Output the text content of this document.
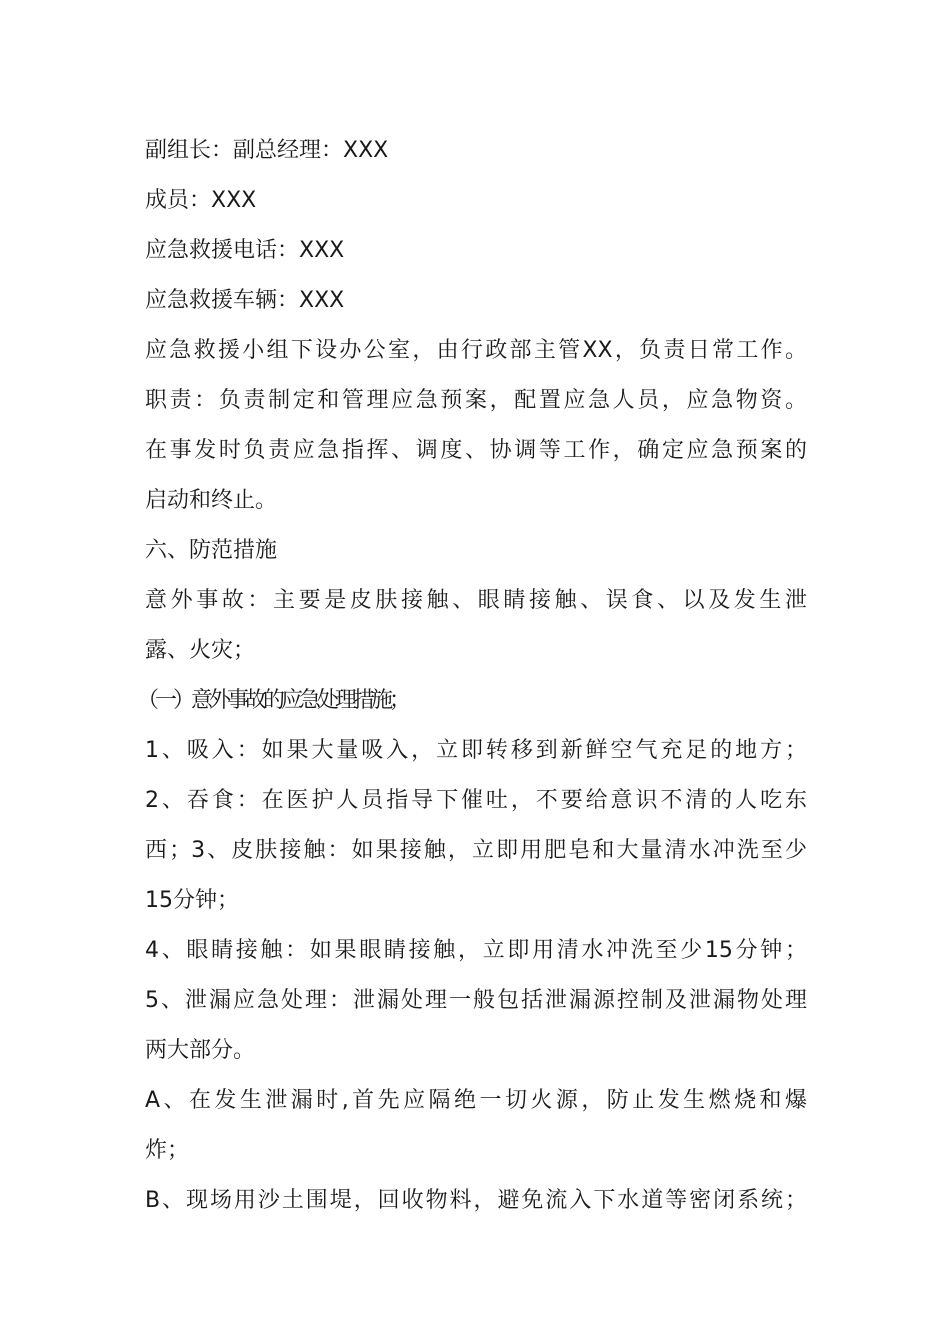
副组长：副总经理：XXX
成员：XXX
应急救援电话：XXX
应急救援车辆：XXX
应急救援小组下设办公室，由行政部主管XX，负责日常工作。
职责：负责制定和管理应急预案，配置应急人员，应急物资。
在事发时负责应急指挥、调度、协调等工作，确定应急预案的
启动和终止。
六、防范措施
意外事故：主要是皮肤接触、眼睛接触、误食、以及发生泄
露、火灾；
（一）意外事故的应急处理措施；
1、吸入：如果大量吸入，立即转移到新鲜空气充足的地方；
2、吞食：在医护人员指导下催吐，不要给意识不清的人吃东
西；3、皮肤接触：如果接触，立即用肥皂和大量清水冲洗至少
15分钟；
4、眼睛接触：如果眼睛接触，立即用清水冲洗至少15分钟；
5、泄漏应急处理：泄漏处理一般包括泄漏源控制及泄漏物处理
两大部分。
A、在发生泄漏时,首先应隔绝一切火源，防止发生燃烧和爆
炸；
B、现场用沙土围堤，回收物料，避免流入下水道等密闭系统；
